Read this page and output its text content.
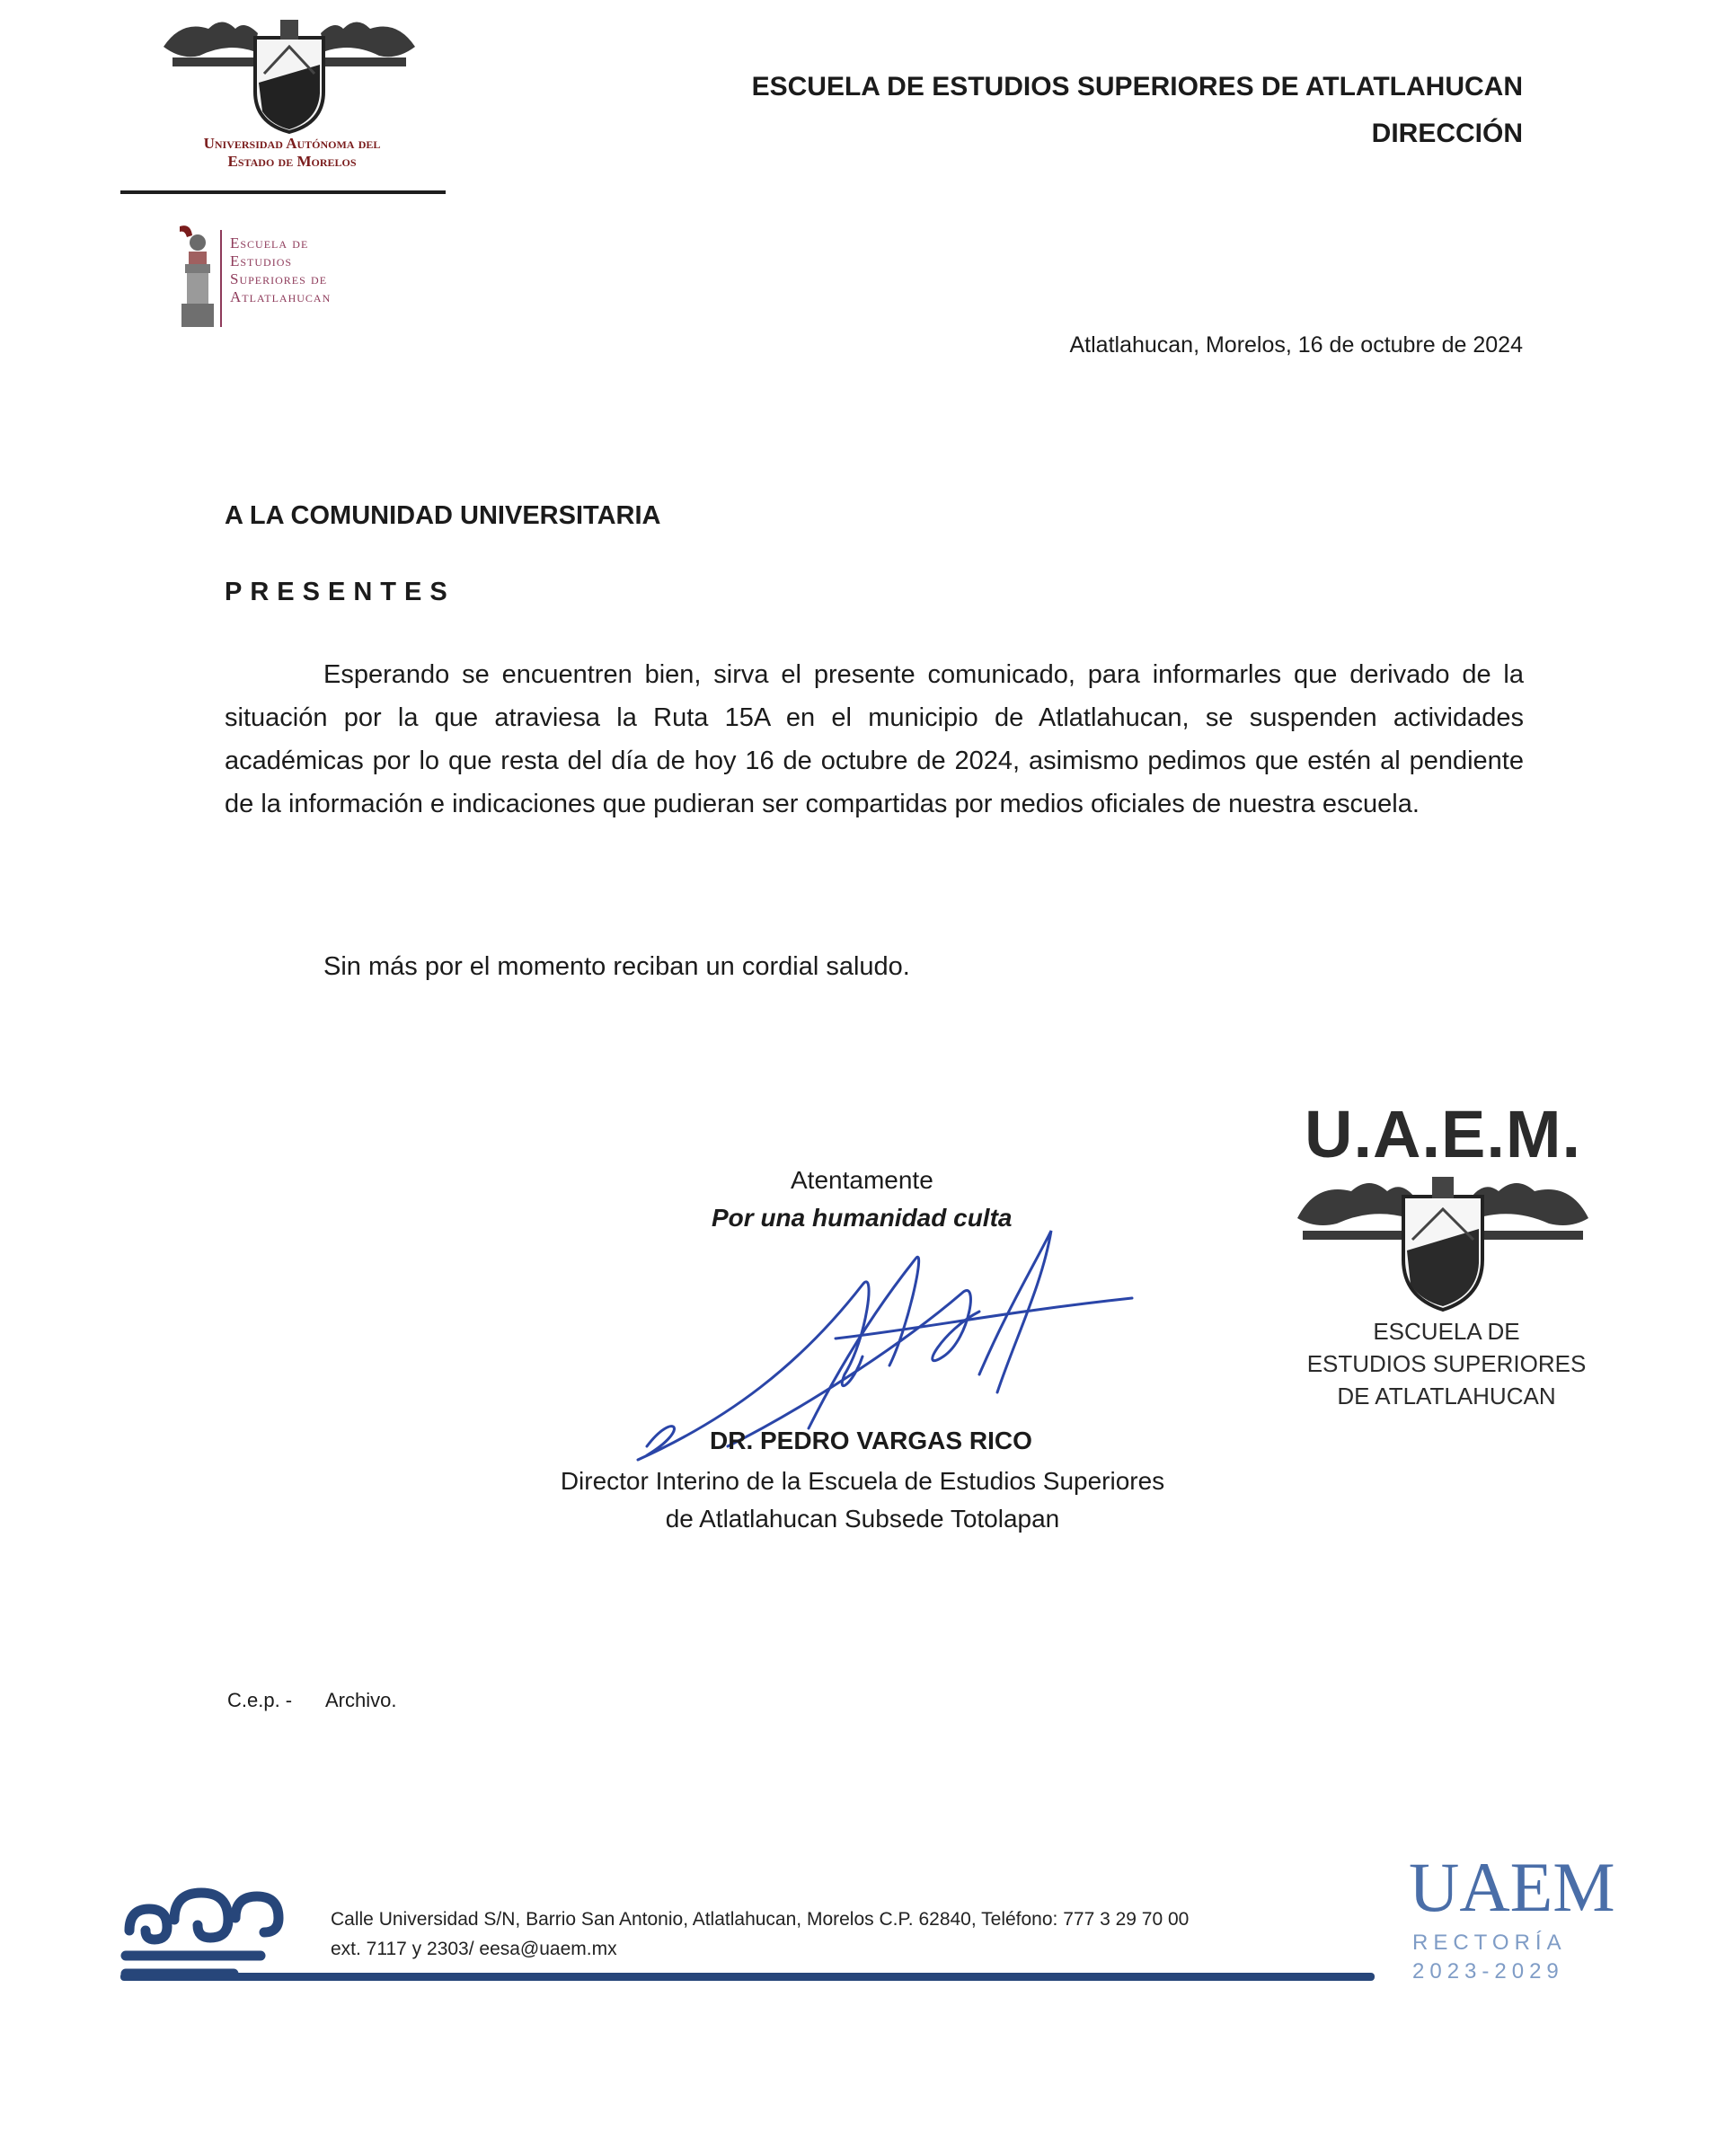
Universidad Autónoma del
Estado de Morelos
Escuela de
Estudios
Superiores de
Atlatlahucan
ESCUELA DE ESTUDIOS SUPERIORES DE ATLATLAHUCAN
DIRECCIÓN
Atlatlahucan, Morelos, 16 de octubre de 2024
A LA COMUNIDAD UNIVERSITARIA
PRESENTES
Esperando se encuentren bien, sirva el presente comunicado, para informarles que derivado de la situación por la que atraviesa la Ruta 15A en el municipio de Atlatlahucan, se suspenden actividades académicas por lo que resta del día de hoy 16 de octubre de 2024, asimismo pedimos que estén al pendiente de la información e indicaciones que pudieran ser compartidas por medios oficiales de nuestra escuela.
Sin más por el momento reciban un cordial saludo.
Atentamente
Por una humanidad culta
DR. PEDRO VARGAS RICO
Director Interino de la Escuela de Estudios Superiores
de Atlatlahucan Subsede Totolapan
U.A.E.M.
ESCUELA DE
ESTUDIOS SUPERIORES
DE ATLATLAHUCAN
C.e.p. - Archivo.
Calle Universidad S/N, Barrio San Antonio, Atlatlahucan, Morelos C.P. 62840, Teléfono: 777 3 29 70 00
ext. 7117 y 2303/ eesa@uaem.mx
UAEM
RECTORÍA
2023-2029
